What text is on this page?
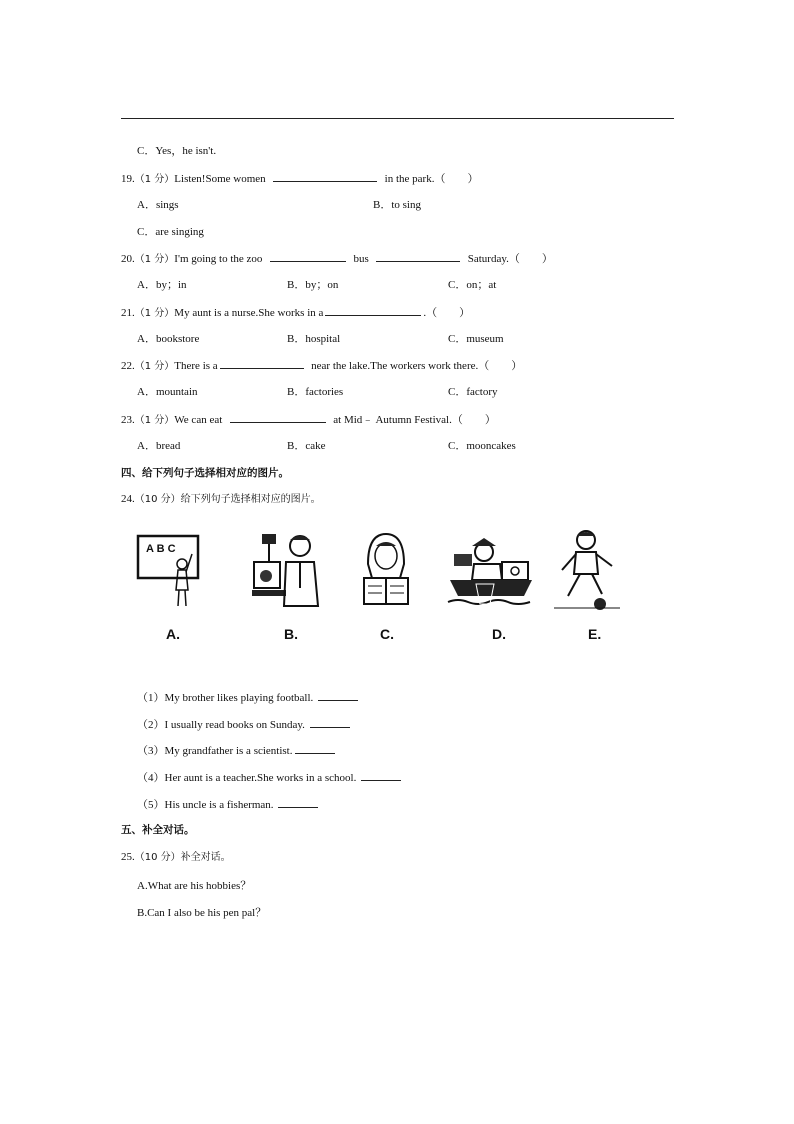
C．Yes，he isn't.
19.（1 分）Listen!Some women	in the park.（　　）
A．sings	B．to sing
C．are singing
20.（1 分）I'm going to the zoo	bus	Saturday.（　　）
A．by；in	B．by；on	C．on；at
21.（1 分）My aunt is a nurse.She works in a	.（　　）
A．bookstore	B．hospital	C．museum
22.（1 分）There is a	near the lake.The workers work there.（　　）
A．mountain	B．factories	C．factory
23.（1 分）We can eat	at Mid﹣ Autumn Festival.（　　）
A．bread	B．cake	C．mooncakes
四、给下列句子选择相对应的图片。
24.（10 分）给下列句子选择相对应的图片。
A B C
A.	B.	C.	D.	E.
（1）My brother likes playing football.
（2）I usually read books on Sunday.
（3）My grandfather is a scientist.
（4）Her aunt is a teacher.She works in a school.
（5）His uncle is a fisherman.
五、补全对话。
25.（10 分）补全对话。
A.What are his hobbies？
B.Can I also be his pen pal？
